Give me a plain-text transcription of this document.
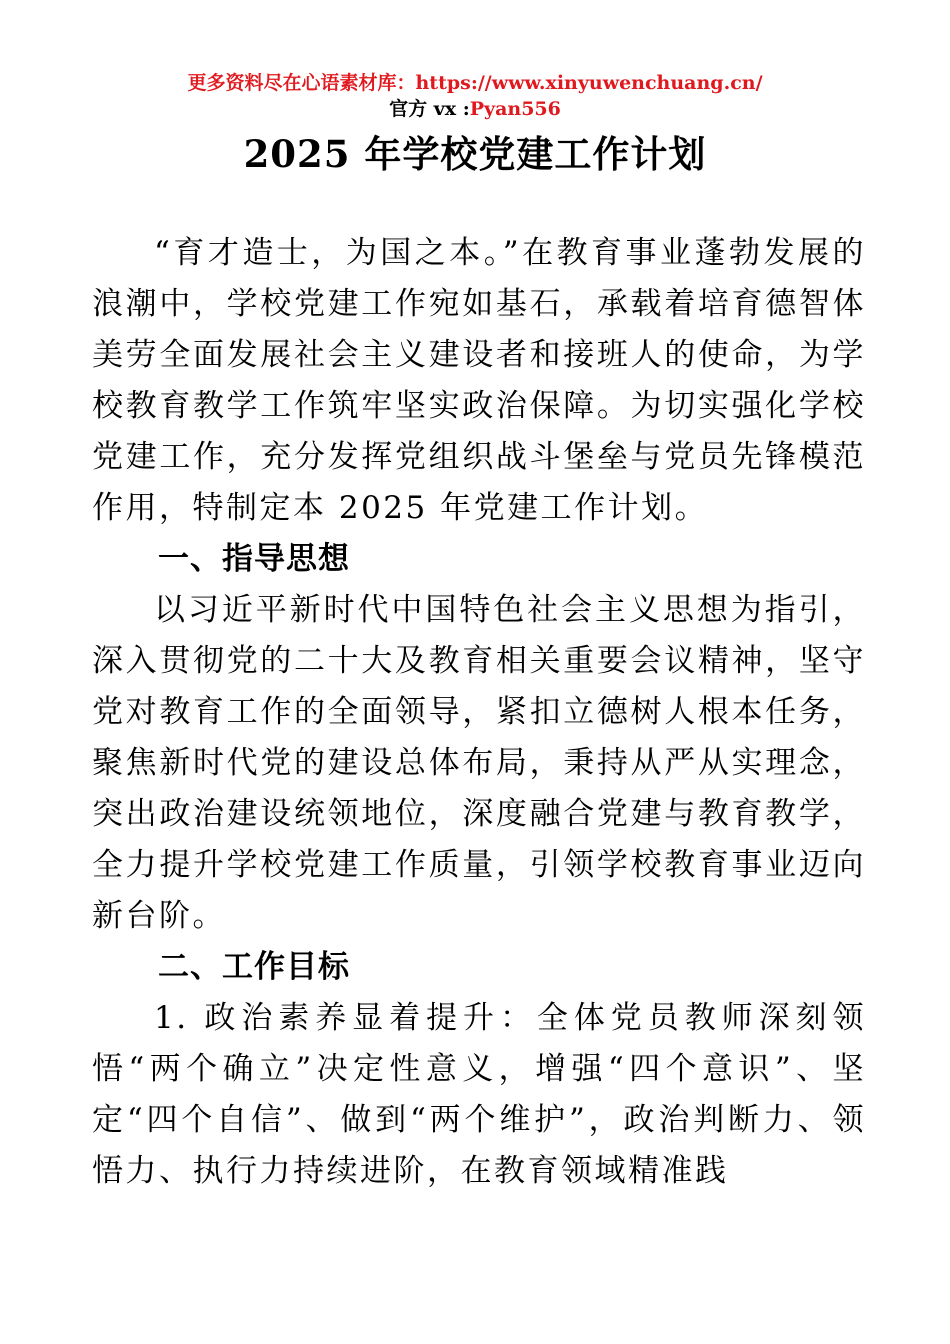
更多资料尽在心语素材库：https://www.xinyuwenchuang.cn/
官方 vx :Pyan556
2025 年学校党建工作计划

“育才造士，为国之本。”在教育事业蓬勃发展的浪潮中，学校党建工作宛如基石，承载着培育德智体美劳全面发展社会主义建设者和接班人的使命，为学校教育教学工作筑牢坚实政治保障。为切实强化学校党建工作，充分发挥党组织战斗堡垒与党员先锋模范作用，特制定本 2025 年党建工作计划。

一、指导思想

以习近平新时代中国特色社会主义思想为指引，深入贯彻党的二十大及教育相关重要会议精神，坚守党对教育工作的全面领导，紧扣立德树人根本任务，聚焦新时代党的建设总体布局，秉持从严从实理念，突出政治建设统领地位，深度融合党建与教育教学，全力提升学校党建工作质量，引领学校教育事业迈向新台阶。

二、工作目标

1. 政治素养显着提升：全体党员教师深刻领悟“两个确立”决定性意义，增强“四个意识”、坚定“四个自信”、做到“两个维护”，政治判断力、领悟力、执行力持续进阶，在教育领域精准践
